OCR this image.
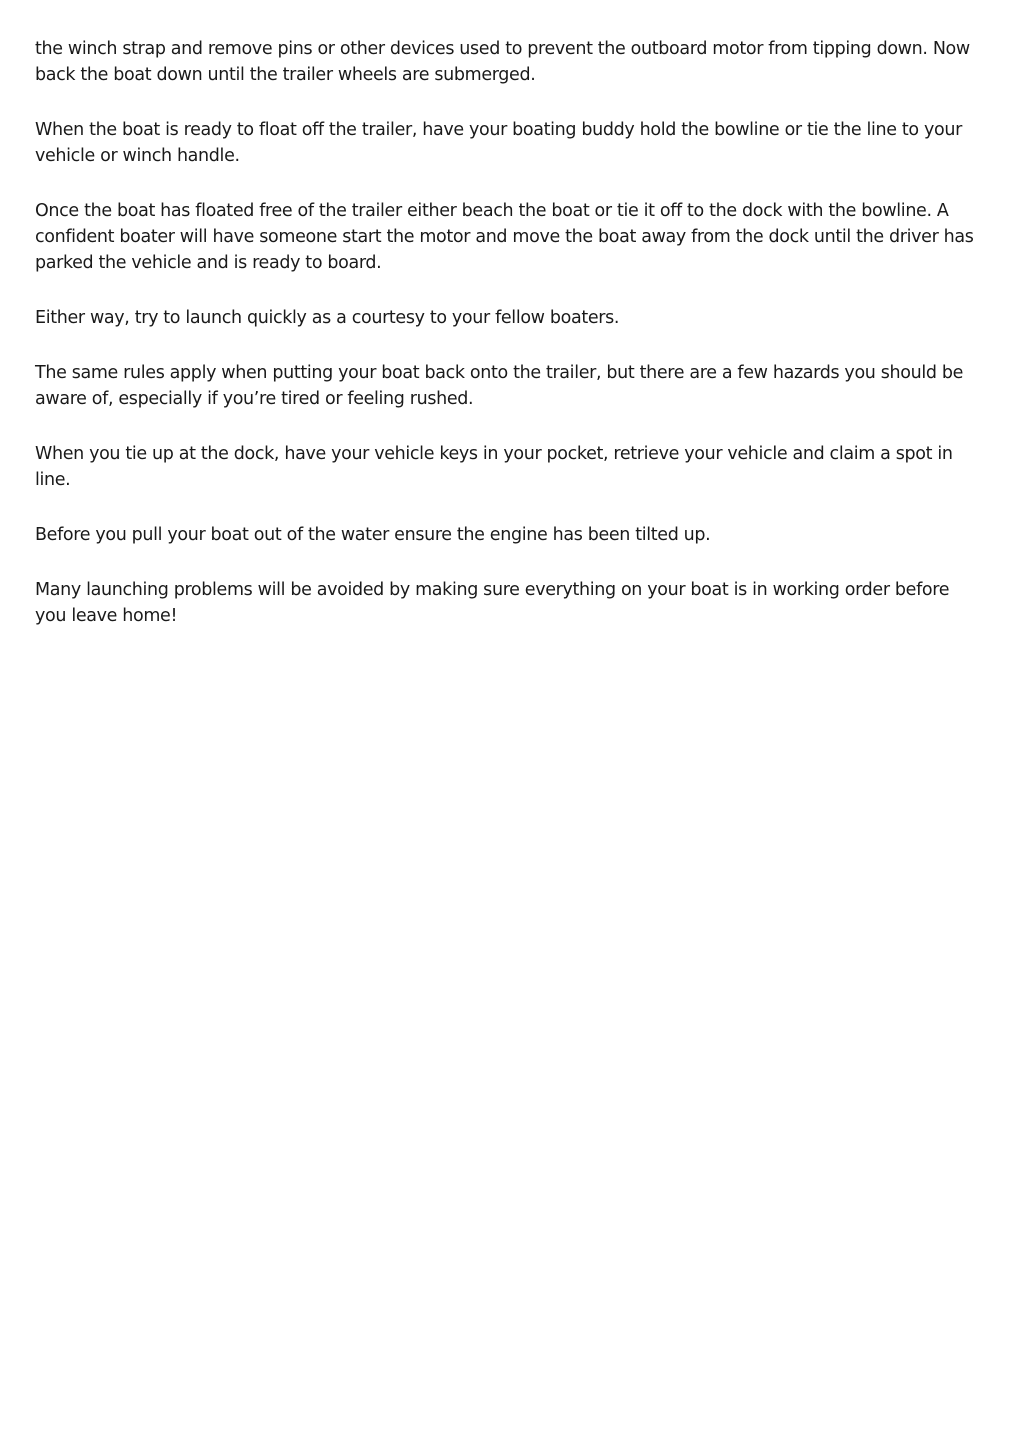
the winch strap and remove pins or other devices used to prevent the outboard motor from tipping down. Now back the boat down until the trailer wheels are submerged.

When the boat is ready to float off the trailer, have your boating buddy hold the bowline or tie the line to your vehicle or winch handle.

Once the boat has floated free of the trailer either beach the boat or tie it off to the dock with the bowline. A confident boater will have someone start the motor and move the boat away from the dock until the driver has parked the vehicle and is ready to board.

Either way, try to launch quickly as a courtesy to your fellow boaters.

The same rules apply when putting your boat back onto the trailer, but there are a few hazards you should be aware of, especially if you’re tired or feeling rushed.

When you tie up at the dock, have your vehicle keys in your pocket, retrieve your vehicle and claim a spot in line.

Before you pull your boat out of the water ensure the engine has been tilted up.

Many launching problems will be avoided by making sure everything on your boat is in working order before you leave home!
